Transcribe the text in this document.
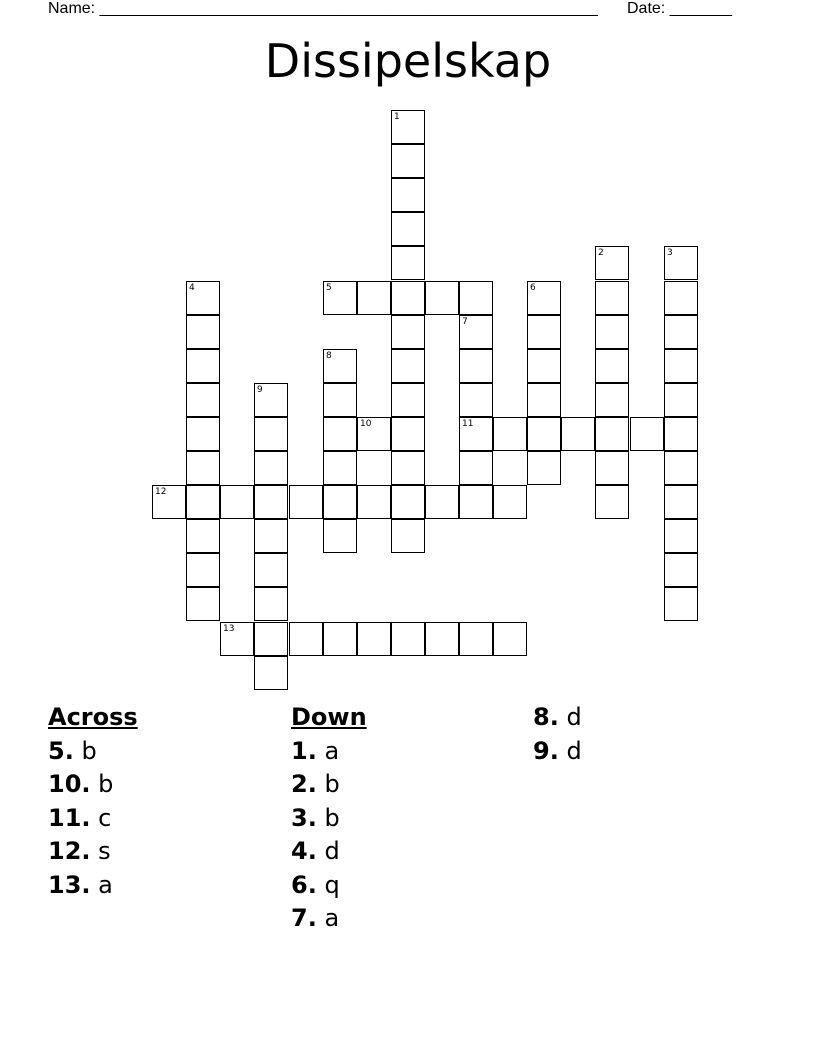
Name: ________________________________________________________ Date: _______
Dissipelskap
1
2	3
4	5	6
7
11
8
9
10
12
13
Across
5. b
10. b
11. c
12. s
13. a
Down
1. a
2. b
3. b
4. d
6. q
7. a
8. d
9. d
